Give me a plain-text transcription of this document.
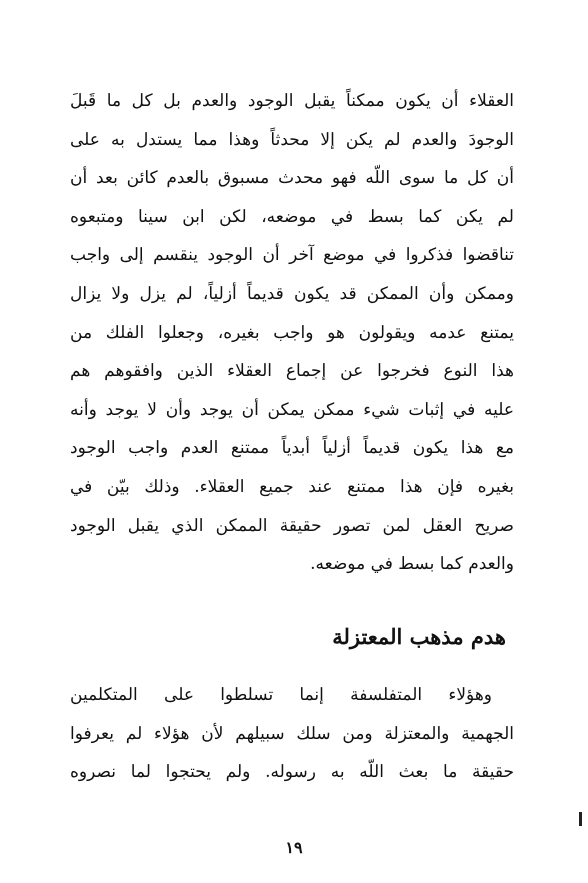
العقلاء أن يكون ممكناً يقبل الوجود والعدم بل كل ما قَبلَ
الوجودَ والعدم لم يكن إلا محدثاً وهذا مما يستدل به على
أن كل ما سوى اللّه فهو محدث مسبوق بالعدم كائن بعد أن
لم يكن كما بسط في موضعه، لكن ابن سينا ومتبعوه
تناقضوا فذكروا في موضع آخر أن الوجود ينقسم إلى واجب
وممكن وأن الممكن قد يكون قديماً أزلياً، لم يزل ولا يزال
يمتنع عدمه ويقولون هو واجب بغيره، وجعلوا الفلك من
هذا النوع فخرجوا عن إجماع العقلاء الذين وافقوهم هم
عليه في إثبات شيء ممكن يمكن أن يوجد وأن لا يوجد وأنه
مع هذا يكون قديماً أزلياً أبدياً ممتنع العدم واجب الوجود
بغيره فإن هذا ممتنع عند جميع العقلاء. وذلك بيّن في
صريح العقل لمن تصور حقيقة الممكن الذي يقبل الوجود
والعدم كما بسط في موضعه.
هدم مذهب المعتزلة
وهؤلاء المتفلسفة إنما تسلطوا على المتكلمين
الجهمية والمعتزلة ومن سلك سبيلهم لأن هؤلاء لم يعرفوا
حقيقة ما بعث اللّه به رسوله. ولم يحتجوا لما نصروه
١٩
